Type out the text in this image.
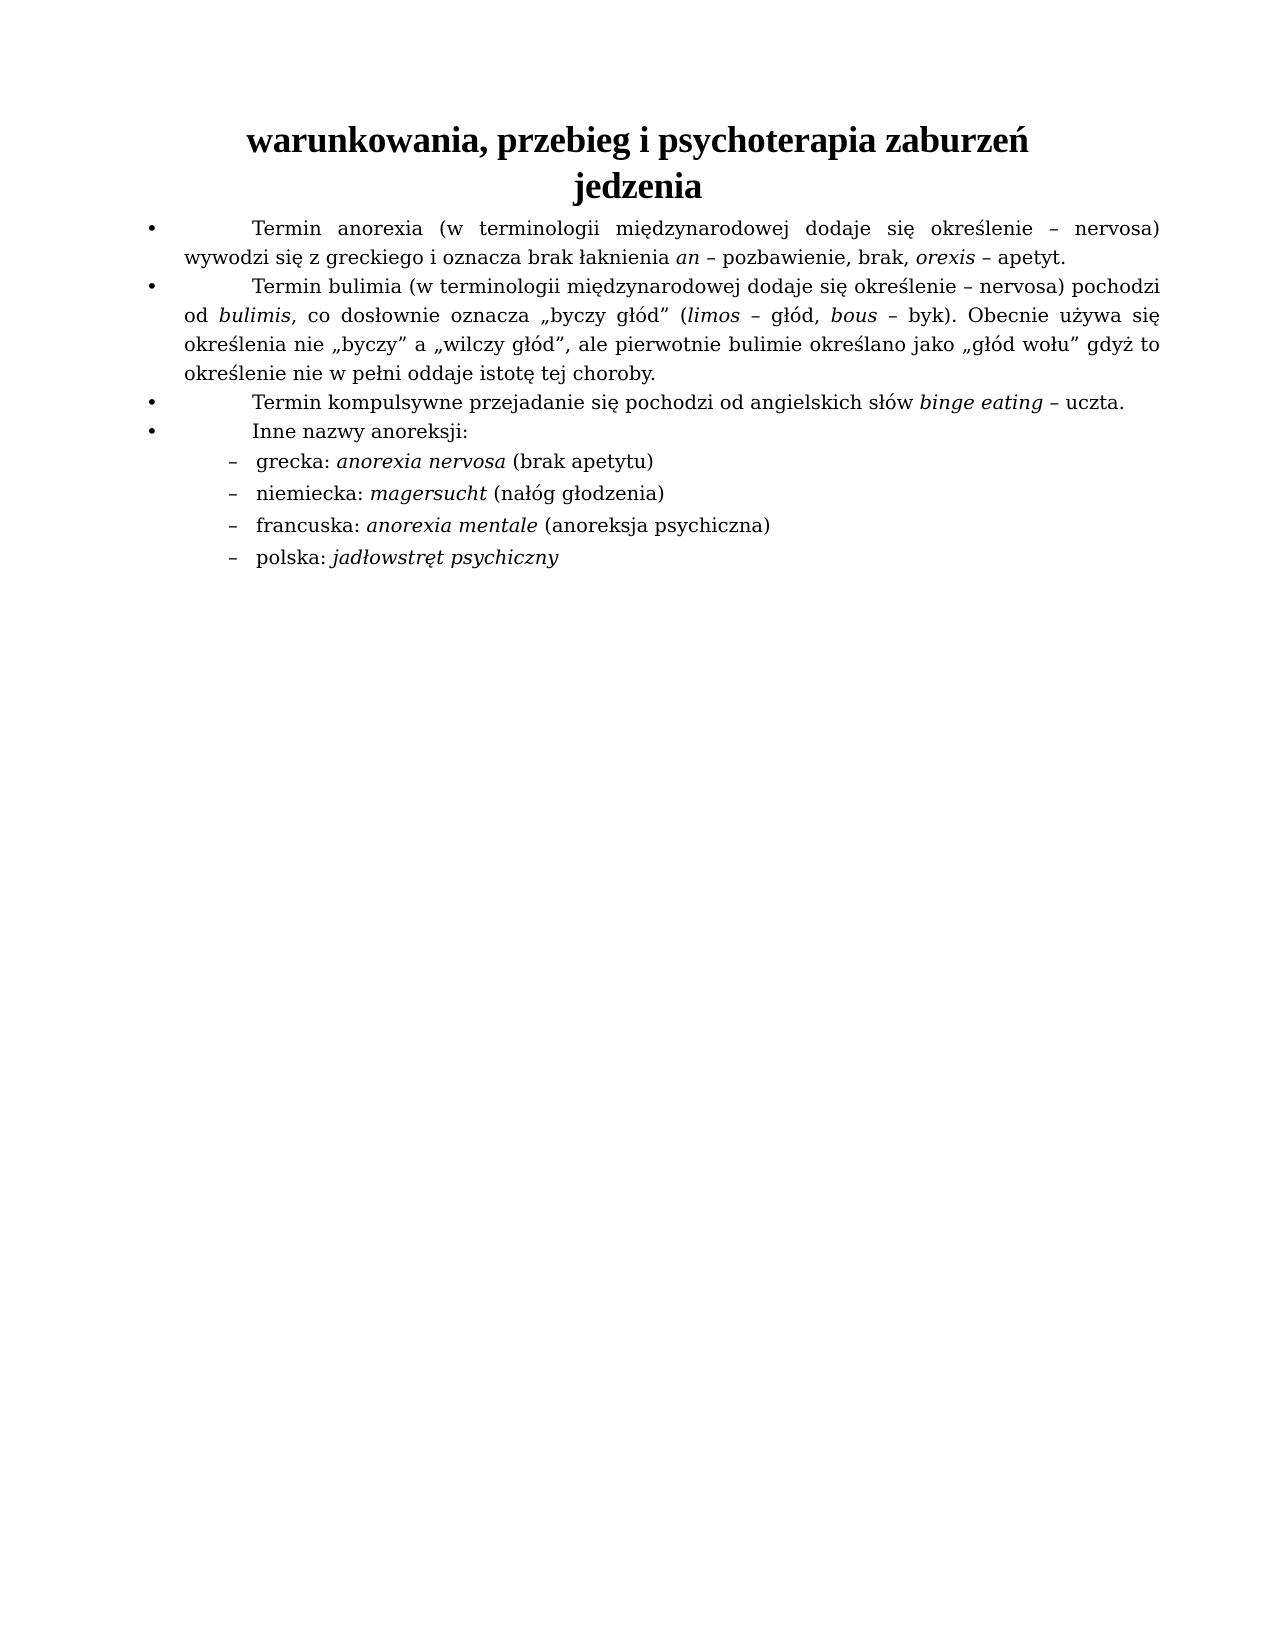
warunkowania, przebieg i psychoterapia zaburzeń
jedzenia
•	Termin anorexia (w terminologii międzynarodowej dodaje się określenie – nervosa) wywodzi się z greckiego i oznacza brak łaknienia an – pozbawienie, brak, orexis – apetyt.
•	Termin bulimia (w terminologii międzynarodowej dodaje się określenie – nervosa) pochodzi od bulimis, co dosłownie oznacza „byczy głód” (limos – głód, bous – byk). Obecnie używa się określenia nie „byczy” a „wilczy głód”, ale pierwotnie bulimie określano jako „głód wołu” gdyż to określenie nie w pełni oddaje istotę tej choroby.
•	Termin kompulsywne przejadanie się pochodzi od angielskich słów binge eating – uczta.
•	Inne nazwy anoreksji:
– grecka: anorexia nervosa (brak apetytu)
– niemiecka: magersucht (nałóg głodzenia)
– francuska: anorexia mentale (anoreksja psychiczna)
– polska: jadłowstręt psychiczny
